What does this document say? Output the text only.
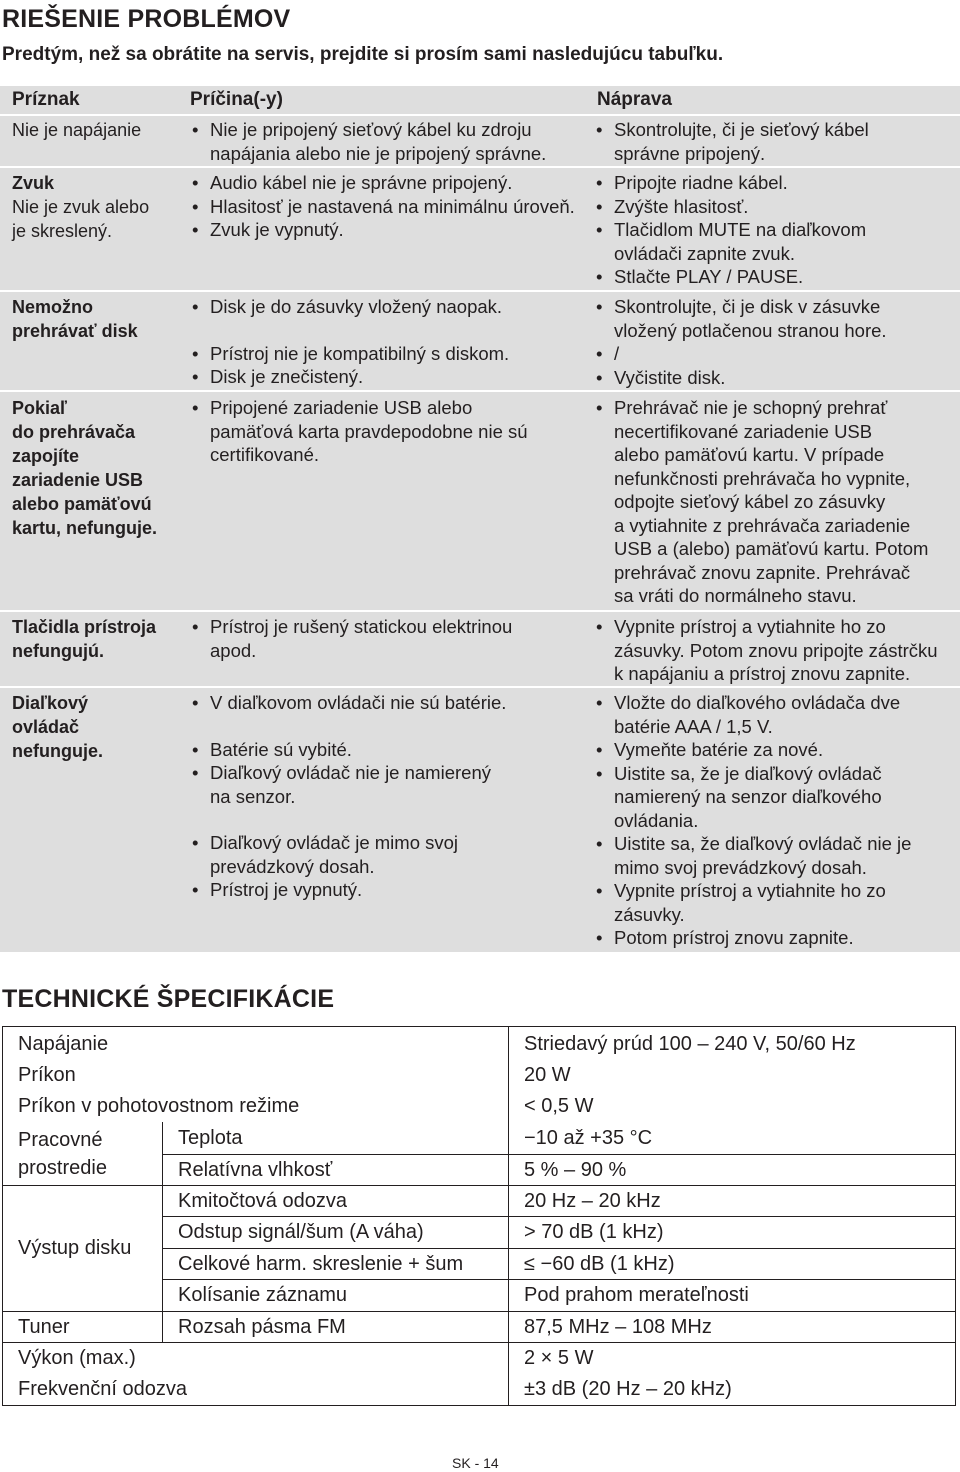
RIEŠENIE PROBLÉMOV
Predtým, než sa obrátite na servis, prejdite si prosím sami nasledujúcu tabuľku.
Príznak	Príčina(-y)	Náprava
Nie je napájanie
•	Nie je pripojený sieťový kábel ku zdroju
napájania alebo nie je pripojený správne.
• Skontrolujte, či je sieťový kábel
správne pripojený.
Zvuk
Nie je zvuk alebo
je skreslený.
• Audio kábel nie je správne pripojený.
• Hlasitosť je nastavená na minimálnu úroveň.
• Zvuk je vypnutý.
• Pripojte riadne kábel.
• Zvýšte hlasitosť.
• Tlačidlom MUTE na diaľkovom
ovládači zapnite zvuk.
• Stlačte PLAY / PAUSE.
Nemožno
prehrávať disk
• Disk je do zásuvky vložený naopak.
• Prístroj nie je kompatibilný s diskom.
• Disk je znečistený.
• Skontrolujte, či je disk v zásuvke
vložený potlačenou stranou hore.
• /
• Vyčistite disk.
Pokiaľ
do prehrávača
zapojíte
zariadenie USB
alebo pamäťovú
kartu, nefunguje.
• Pripojené zariadenie USB alebo
pamäťová karta pravdepodobne nie sú
certifikované.
• Prehrávač nie je schopný prehrať
necertifikované zariadenie USB
alebo pamäťovú kartu. V prípade
nefunkčnosti prehrávača ho vypnite,
odpojte sieťový kábel zo zásuvky
a vytiahnite z prehrávača zariadenie
USB a (alebo) pamäťovú kartu. Potom
prehrávač znovu zapnite. Prehrávač
sa vráti do normálneho stavu.
Tlačidla prístroja
nefungujú.
• Prístroj je rušený statickou elektrinou
apod.
• Vypnite prístroj a vytiahnite ho zo
zásuvky. Potom znovu pripojte zástrčku
k napájaniu a prístroj znovu zapnite.
Diaľkový
ovládač
nefunguje.
• V diaľkovom ovládači nie sú batérie.
• Batérie sú vybité.
• Diaľkový ovládač nie je namierený
na senzor.
• Diaľkový ovládač je mimo svoj
prevádzkový dosah.
• Prístroj je vypnutý.
• Vložte do diaľkového ovládača dve
batérie AAA / 1,5 V.
• Vymeňte batérie za nové.
• Uistite sa, že je diaľkový ovládač
namierený na senzor diaľkového
ovládania.
• Uistite sa, že diaľkový ovládač nie je
mimo svoj prevádzkový dosah.
• Vypnite prístroj a vytiahnite ho zo
zásuvky.
• Potom prístroj znovu zapnite.
TECHNICKÉ ŠPECIFIKÁCIE
Napájanie	Striedavý prúd 100 – 240 V, 50/60 Hz
Príkon	20 W
Príkon v pohotovostnom režime	< 0,5 W
Pracovné
prostredie
Teplota	−10 až +35 °C
Relatívna vlhkosť	5 % – 90 %
Kmitočtová odozva	20 Hz – 20 kHz
Výstup disku
Odstup signál/šum (A váha)	> 70 dB (1 kHz)
Celkové harm. skreslenie + šum	≤ −60 dB (1 kHz)
Kolísanie záznamu	Pod prahom merateľnosti
Tuner	Rozsah pásma FM	87,5 MHz – 108 MHz
Výkon (max.)	2 × 5 W
Frekvenční odozva	±3 dB (20 Hz – 20 kHz)
SK - 14
